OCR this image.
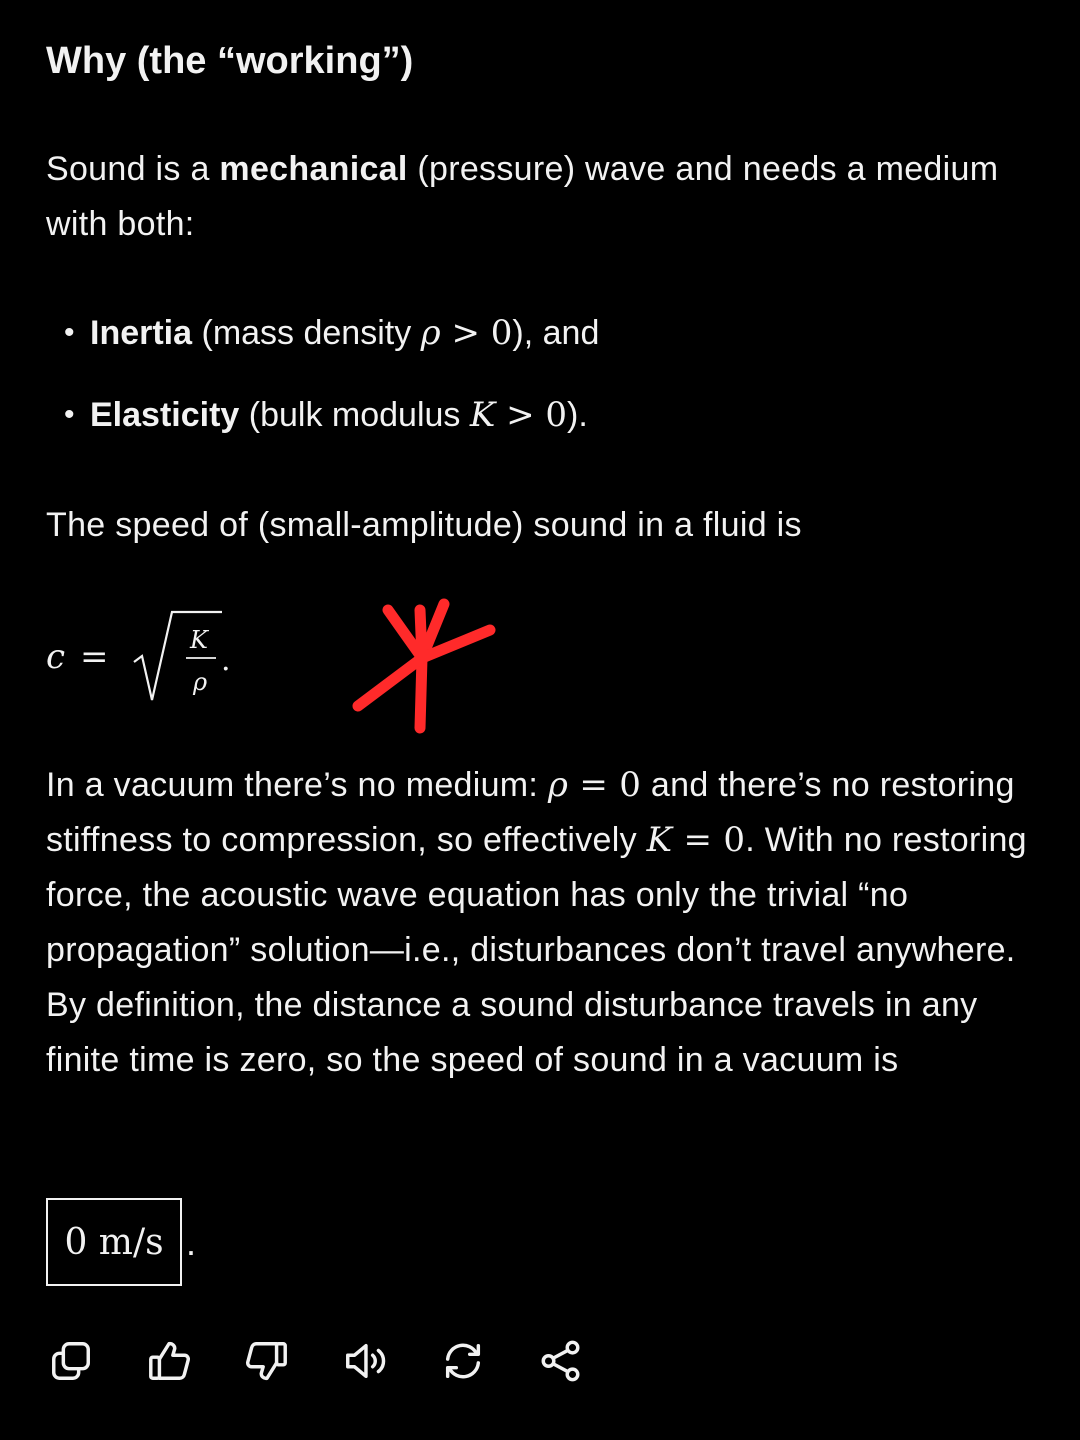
Why (the “working”)
Sound is a mechanical (pressure) wave and needs a medium with both:
• Inertia (mass density ρ > 0), and
• Elasticity (bulk modulus K > 0).
The speed of (small-amplitude) sound in a fluid is
c =	K
ρ
.
In a vacuum there’s no medium: ρ = 0 and there’s no restoring stiffness to compression, so effectively K = 0. With no restoring force, the acoustic wave equation has only the trivial “no propagation” solution—i.e., disturbances don’t travel anywhere. By definition, the distance a sound disturbance travels in any finite time is zero, so the speed of sound in a vacuum is
0 m/s .
